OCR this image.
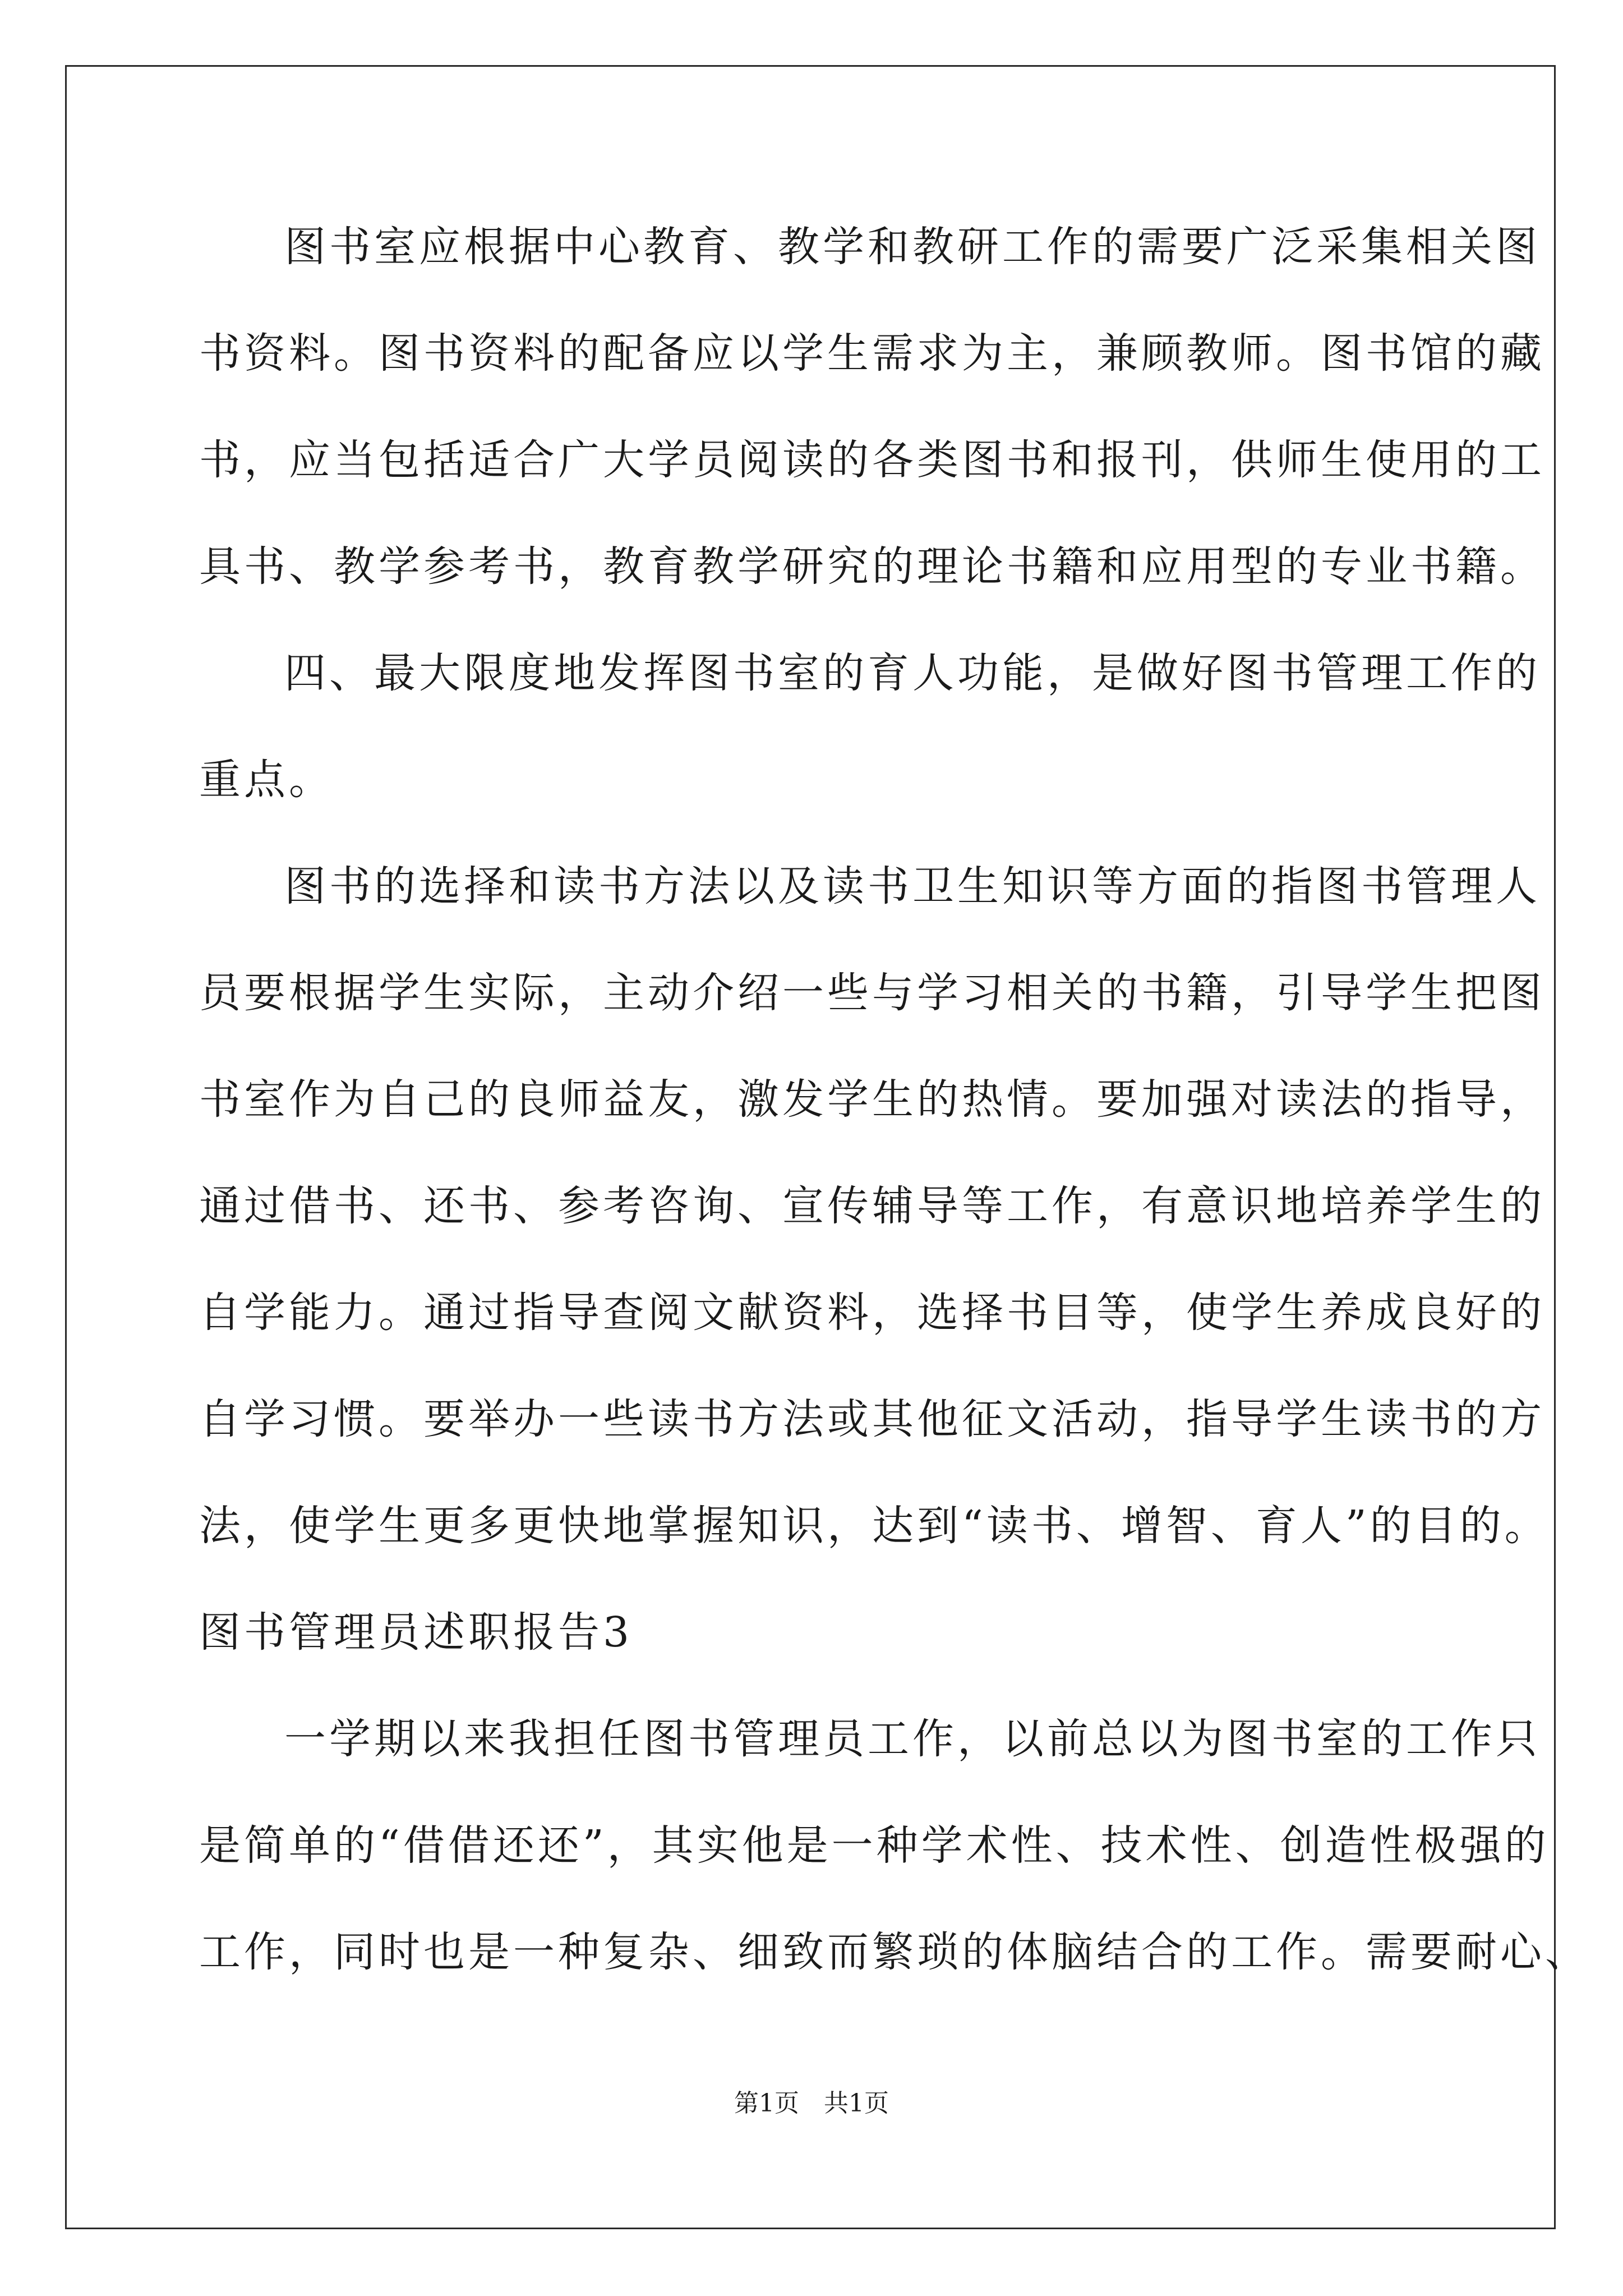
图书室应根据中心教育、教学和教研工作的需要广泛采集相关图
书资料。图书资料的配备应以学生需求为主，兼顾教师。图书馆的藏
书，应当包括适合广大学员阅读的各类图书和报刊，供师生使用的工
具书、教学参考书，教育教学研究的理论书籍和应用型的专业书籍。
四、最大限度地发挥图书室的育人功能，是做好图书管理工作的
重点。
图书的选择和读书方法以及读书卫生知识等方面的指图书管理人
员要根据学生实际，主动介绍一些与学习相关的书籍，引导学生把图
书室作为自己的良师益友，激发学生的热情。要加强对读法的指导，
通过借书、还书、参考咨询、宣传辅导等工作，有意识地培养学生的
自学能力。通过指导查阅文献资料，选择书目等，使学生养成良好的
自学习惯。要举办一些读书方法或其他征文活动，指导学生读书的方
法，使学生更多更快地掌握知识，达到“读书、增智、育人”的目的。
图书管理员述职报告3
一学期以来我担任图书管理员工作，以前总以为图书室的工作只
是简单的“借借还还”，其实他是一种学术性、技术性、创造性极强的
工作，同时也是一种复杂、细致而繁琐的体脑结合的工作。需要耐心、
第1页　共1页
